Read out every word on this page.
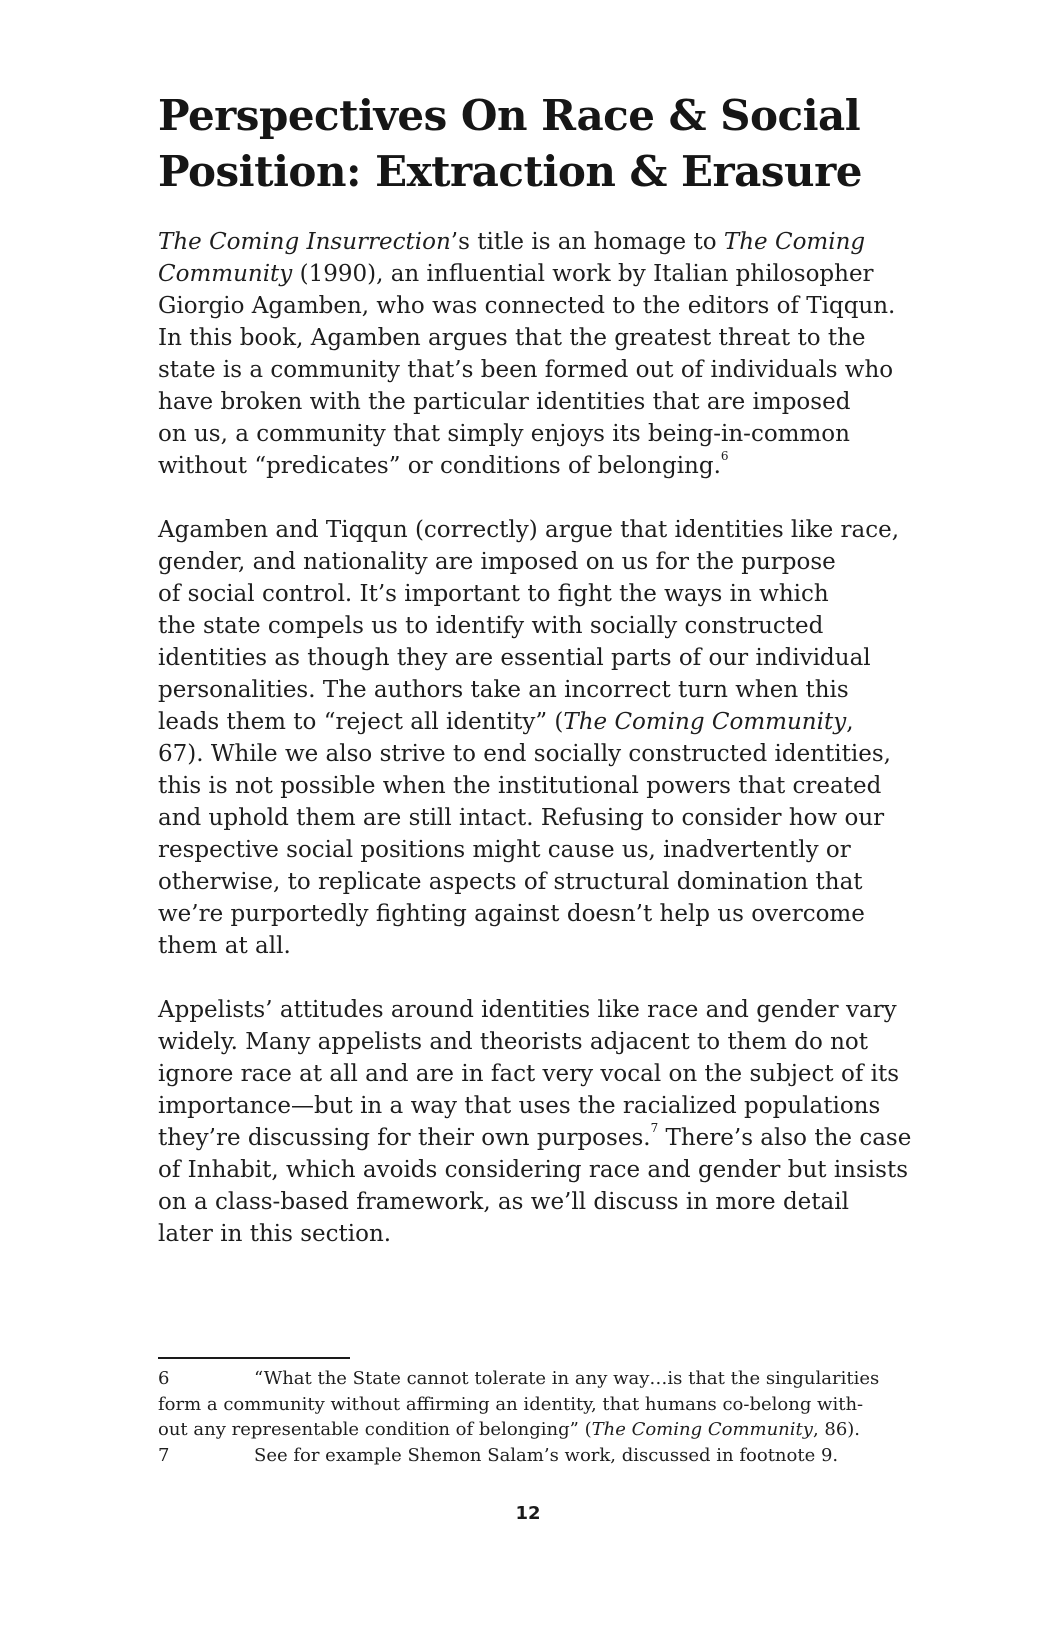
Perspectives On Race & Social
Position: Extraction & Erasure

The Coming Insurrection’s title is an homage to The Coming
Community (1990), an influential work by Italian philosopher
Giorgio Agamben, who was connected to the editors of Tiqqun.
In this book, Agamben argues that the greatest threat to the
state is a community that’s been formed out of individuals who
have broken with the particular identities that are imposed
on us, a community that simply enjoys its being-in-common
without “predicates” or conditions of belonging.$^6$

Agamben and Tiqqun (correctly) argue that identities like race,
gender, and nationality are imposed on us for the purpose
of social control. It’s important to fight the ways in which
the state compels us to identify with socially constructed
identities as though they are essential parts of our individual
personalities. The authors take an incorrect turn when this
leads them to “reject all identity” (The Coming Community,
67). While we also strive to end socially constructed identities,
this is not possible when the institutional powers that created
and uphold them are still intact. Refusing to consider how our
respective social positions might cause us, inadvertently or
otherwise, to replicate aspects of structural domination that
we’re purportedly fighting against doesn’t help us overcome
them at all.

Appelists’ attitudes around identities like race and gender vary
widely. Many appelists and theorists adjacent to them do not
ignore race at all and are in fact very vocal on the subject of its
importance—but in a way that uses the racialized populations
they’re discussing for their own purposes.$^7$ There’s also the case
of Inhabit, which avoids considering race and gender but insists
on a class-based framework, as we’ll discuss in more detail
later in this section.

6	“What the State cannot tolerate in any way…is that the singularities
form a community without affirming an identity, that humans co-belong with-
out any representable condition of belonging” (The Coming Community, 86).
7	See for example Shemon Salam’s work, discussed in footnote 9.
12
